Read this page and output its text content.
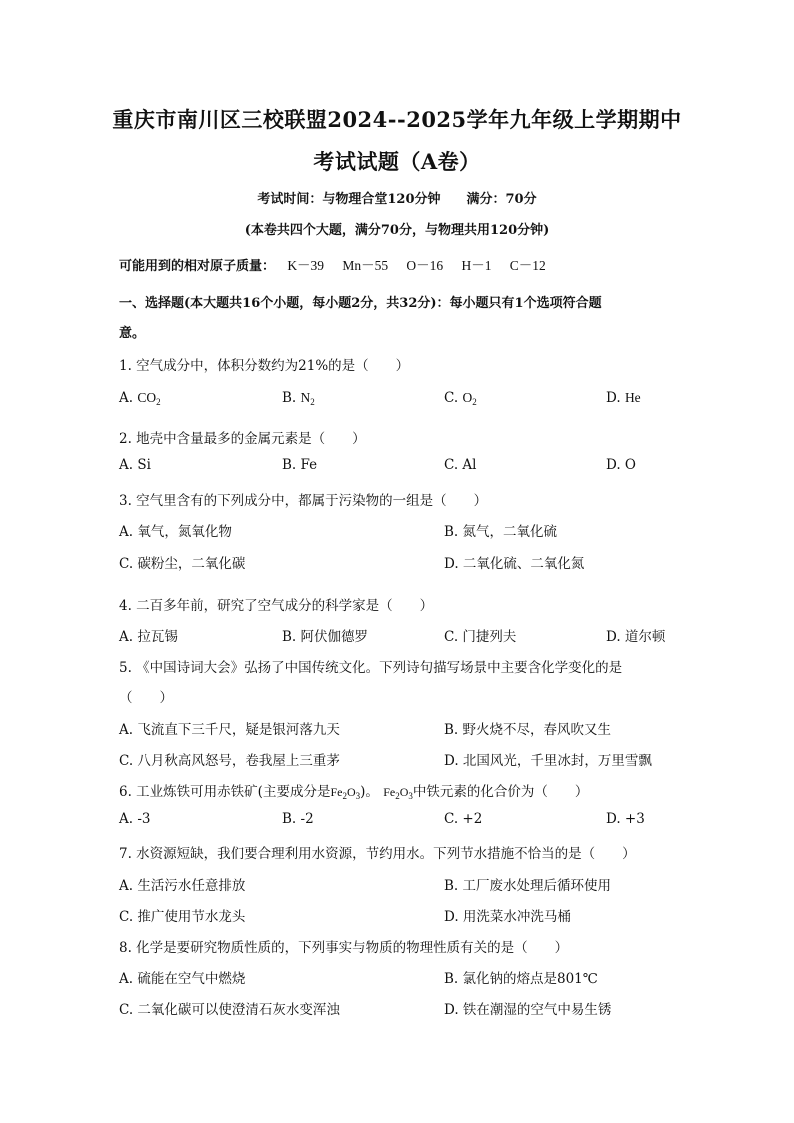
重庆市南川区三校联盟2024--2025学年九年级上学期期中
考试试题（A卷）
考试时间：与物理合堂120分钟　　满分：70分
(本卷共四个大题，满分70分，与物理共用120分钟)
可能用到的相对原子质量： K－39 Mn－55 O－16 H－1 C－12
一、选择题(本大题共16个小题，每小题2分，共32分)：每小题只有1个选项符合题
意。
1. 空气成分中，体积分数约为21%的是（　　）
A. $CO_2$	B. $N_2$	C. $O_2$	D. He
2. 地壳中含量最多的金属元素是（　　）
A. Si	B. Fe	C. Al	D. O
3. 空气里含有的下列成分中，都属于污染物的一组是（　　）
A. 氧气，氮氧化物	B. 氮气，二氧化硫
C. 碳粉尘，二氧化碳	D. 二氧化硫、二氧化氮
4. 二百多年前，研究了空气成分的科学家是（　　）
A. 拉瓦锡	B. 阿伏伽德罗	C. 门捷列夫	D. 道尔顿
5. 《中国诗词大会》弘扬了中国传统文化。下列诗句描写场景中主要含化学变化的是
（　　）
A. 飞流直下三千尺，疑是银河落九天	B. 野火烧不尽，春风吹又生
C. 八月秋高风怒号，卷我屋上三重茅	D. 北国风光，千里冰封，万里雪飘
6. 工业炼铁可用赤铁矿(主要成分是$Fe_2O_3$)。 $Fe_2O_3$中铁元素的化合价为（　　）
A. -3	B. -2	C. +2	D. +3
7. 水资源短缺，我们要合理利用水资源，节约用水。下列节水措施不恰当的是（　　）
A. 生活污水任意排放	B. 工厂废水处理后循环使用
C. 推广使用节水龙头	D. 用洗菜水冲洗马桶
8. 化学是要研究物质性质的，下列事实与物质的物理性质有关的是（　　）
A. 硫能在空气中燃烧	B. 氯化钠的熔点是801℃
C. 二氧化碳可以使澄清石灰水变浑浊	D. 铁在潮湿的空气中易生锈
